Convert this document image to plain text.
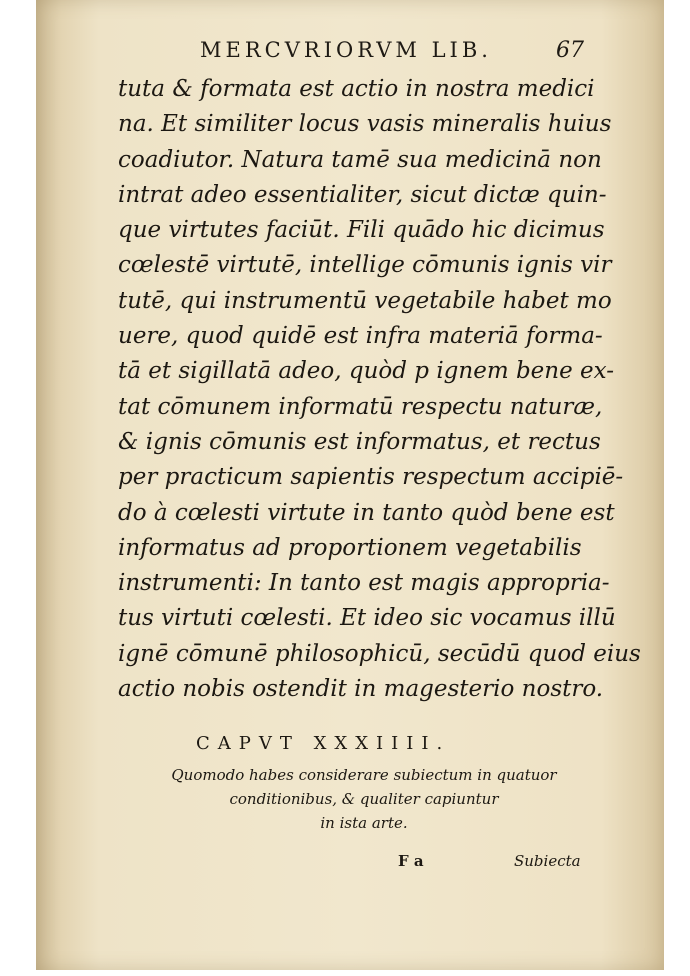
MERCVRIORVM LIB.	67
tuta & formata est actio in nostra medici
na. Et similiter locus vasis mineralis huius
coadiutor. Natura tamē sua medicinā non
intrat adeo essentialiter, sicut dictæ quin-
que virtutes faciūt. Fili quādo hic dicimus
cœlestē virtutē, intellige cōmunis ignis vir
tutē, qui instrumentū vegetabile habet mo
uere, quod quidē est infra materiā forma-
tā et sigillatā adeo, quòd p ignem bene ex-
tat cōmunem informatū respectu naturæ,
& ignis cōmunis est informatus, et rectus
per practicum sapientis respectum accipiē-
do à cœlesti virtute in tanto quòd bene est
informatus ad proportionem vegetabilis
instrumenti: In tanto est magis appropria-
tus virtuti cœlesti. Et ideo sic vocamus illū
ignē cōmunē philosophicū, secūdū quod eius
actio nobis ostendit in magesterio nostro.
CAPVT XXXIIII.
Quomodo habes considerare subiectum in quatuor
conditionibus, & qualiter capiuntur
in ista arte.
F a	Subiecta
